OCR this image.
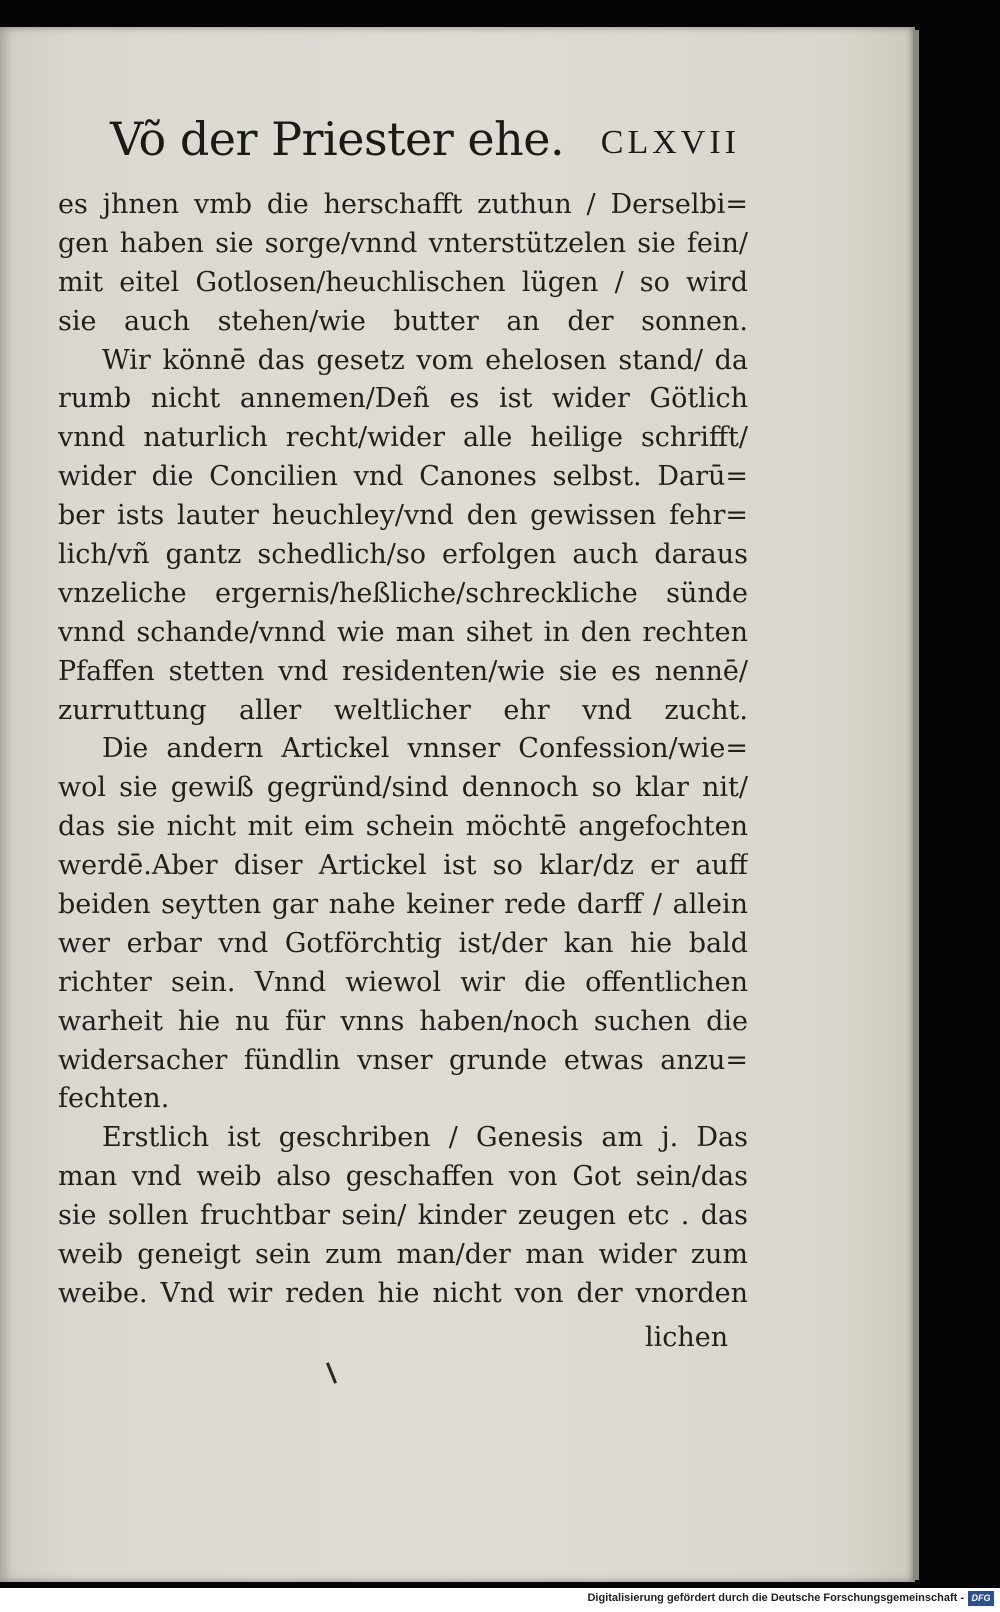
Võ der Priester ehe. CLXVII
es jhnen vmb die herschafft zuthun / Derselbi=
gen haben sie sorge/vnnd vnterstützelen sie fein/
mit eitel Gotlosen/heuchlischen lügen / so wird
sie auch stehen/wie butter an der sonnen.
Wir könnē das gesetz vom ehelosen stand/ da
rumb nicht annemen/Deñ es ist wider Götlich
vnnd naturlich recht/wider alle heilige schrifft/
wider die Concilien vnd Canones selbst. Darū=
ber ists lauter heuchley/vnd den gewissen fehr=
lich/vñ gantz schedlich/so erfolgen auch daraus
vnzeliche ergernis/heßliche/schreckliche sünde
vnnd schande/vnnd wie man sihet in den rechten
Pfaffen stetten vnd residenten/wie sie es nennē/
zurruttung aller weltlicher ehr vnd zucht.
Die andern Artickel vnnser Confession/wie=
wol sie gewiß gegründ/sind dennoch so klar nit/
das sie nicht mit eim schein möchtē angefochten
werdē.Aber diser Artickel ist so klar/dz er auff
beiden seytten gar nahe keiner rede darff / allein
wer erbar vnd Gotförchtig ist/der kan hie bald
richter sein. Vnnd wiewol wir die offentlichen
warheit hie nu für vnns haben/noch suchen die
widersacher fündlin vnser grunde etwas anzu=
fechten.
Erstlich ist geschriben / Genesis am j. Das
man vnd weib also geschaffen von Got sein/das
sie sollen fruchtbar sein/ kinder zeugen etc . das
weib geneigt sein zum man/der man wider zum
weibe. Vnd wir reden hie nicht von der vnorden
lichen
Digitalisierung gefördert durch die Deutsche Forschungsgemeinschaft - DFG
